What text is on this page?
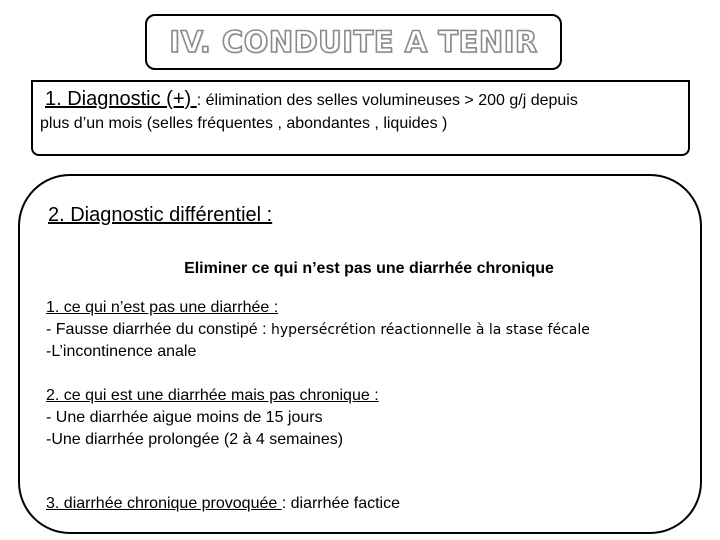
IV. CONDUITE A TENIR
1. Diagnostic (+) : élimination des selles volumineuses > 200 g/j depuis
plus d’un mois (selles fréquentes , abondantes , liquides )
2. Diagnostic différentiel :
Eliminer ce qui n’est pas une diarrhée chronique
1. ce qui n’est pas une diarrhée :
- Fausse diarrhée du constipé : hypersécrétion réactionnelle à la stase fécale
-L’incontinence anale
2. ce qui est une diarrhée mais pas chronique :
- Une diarrhée aigue moins de 15 jours
-Une diarrhée prolongée (2 à 4 semaines)
3. diarrhée chronique provoquée : diarrhée factice
